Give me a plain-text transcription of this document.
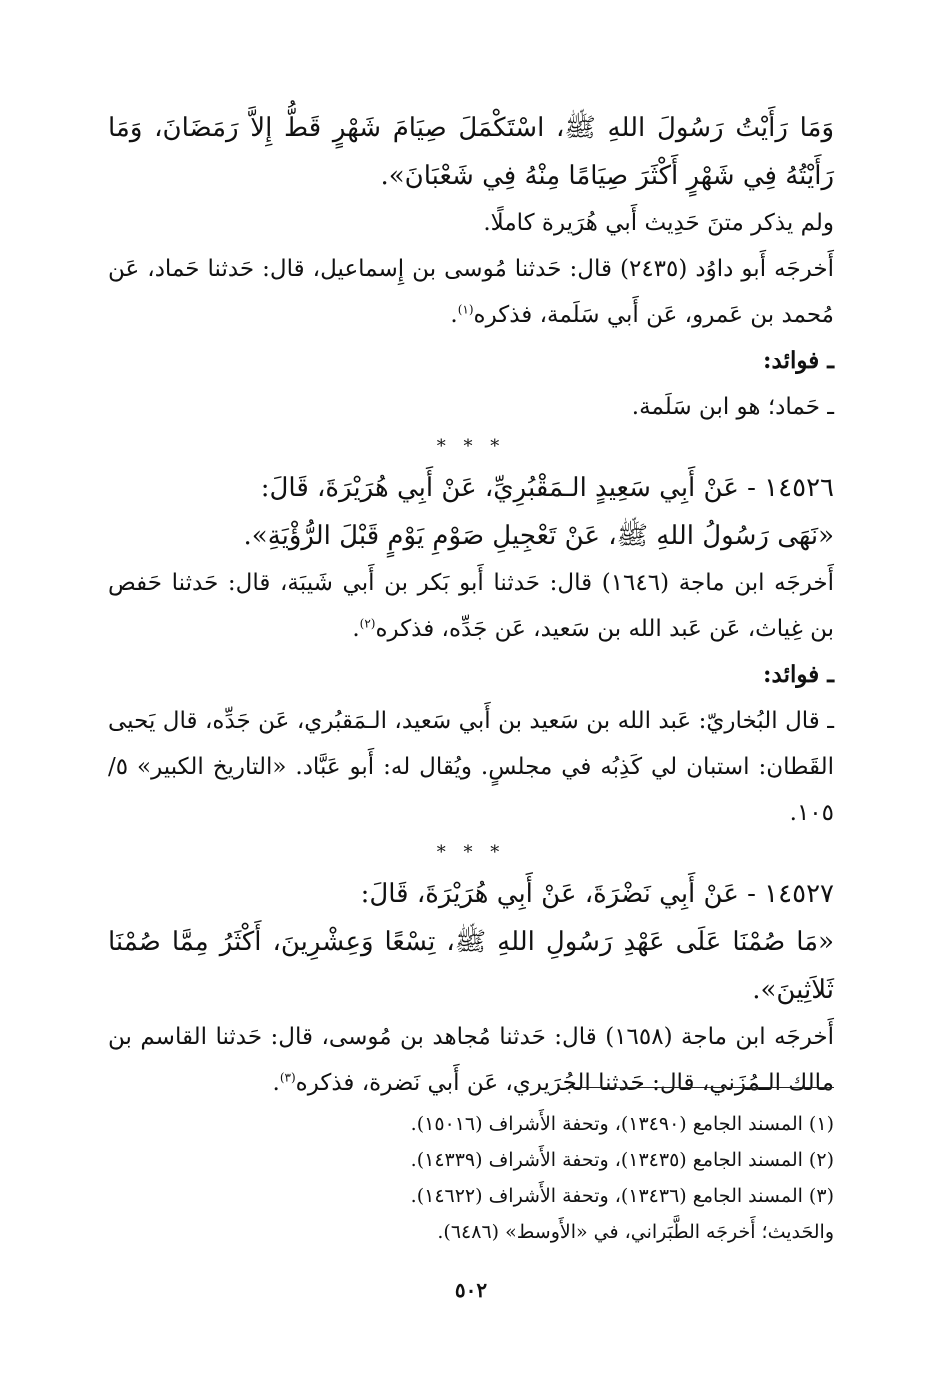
وَمَا رَأَيْتُ رَسُولَ اللهِ ﷺ، اسْتَكْمَلَ صِيَامَ شَهْرٍ قَطُّ إِلاَّ رَمَضَانَ، وَمَا رَأَيْتُهُ فِي شَهْرٍ أَكْثَرَ صِيَامًا مِنْهُ فِي شَعْبَانَ».

ولم يذكر متنَ حَدِيث أَبي هُرَيرة كاملًا.

أَخرجَه أَبو داوُد (٢٤٣٥) قال: حَدثنا مُوسى بن إِسماعيل، قال: حَدثنا حَماد، عَن مُحمد بن عَمرو، عَن أَبي سَلَمة، فذكره$^{(١)}$.

ـ فوائد:

ـ حَماد؛ هو ابن سَلَمة.

* * *

١٤٥٢٦ - عَنْ أَبِي سَعِيدٍ الـمَقْبُرِيِّ، عَنْ أَبِي هُرَيْرَةَ، قَالَ:

«نَهَى رَسُولُ اللهِ ﷺ، عَنْ تَعْجِيلِ صَوْمِ يَوْمٍ قَبْلَ الرُّؤْيَةِ».

أَخرجَه ابن ماجة (١٦٤٦) قال: حَدثنا أَبو بَكر بن أَبي شَيبَة، قال: حَدثنا حَفص بن غِياث، عَن عَبد الله بن سَعيد، عَن جَدِّه، فذكره$^{(٢)}$.

ـ فوائد:

ـ قال البُخاريّ: عَبد الله بن سَعيد بن أَبي سَعيد، الـمَقبُري، عَن جَدِّه، قال يَحيى القَطان: استبان لي كَذِبُه في مجلسٍ. ويُقال له: أَبو عَبَّاد. «التاريخ الكبير» ٥/ ١٠٥.

* * *

١٤٥٢٧ - عَنْ أَبِي نَضْرَةَ، عَنْ أَبِي هُرَيْرَةَ، قَالَ:

«مَا صُمْنَا عَلَى عَهْدِ رَسُولِ اللهِ ﷺ، تِسْعًا وَعِشْرِينَ، أَكْثَرُ مِمَّا صُمْنَا ثَلاَثِينَ».

أَخرجَه ابن ماجة (١٦٥٨) قال: حَدثنا مُجاهد بن مُوسى، قال: حَدثنا القاسم بن مالك الـمُزَني، قال: حَدثنا الجُرَيري، عَن أَبي نَضرة، فذكره$^{(٣)}$.

(١) المسند الجامع (١٣٤٩٠)، وتحفة الأَشراف (١٥٠١٦).

(٢) المسند الجامع (١٣٤٣٥)، وتحفة الأَشراف (١٤٣٣٩).

(٣) المسند الجامع (١٣٤٣٦)، وتحفة الأَشراف (١٤٦٢٢).

والحَديث؛ أَخرجَه الطَّبَراني، في «الأَوسط» (٦٤٨٦).

٥٠٢
